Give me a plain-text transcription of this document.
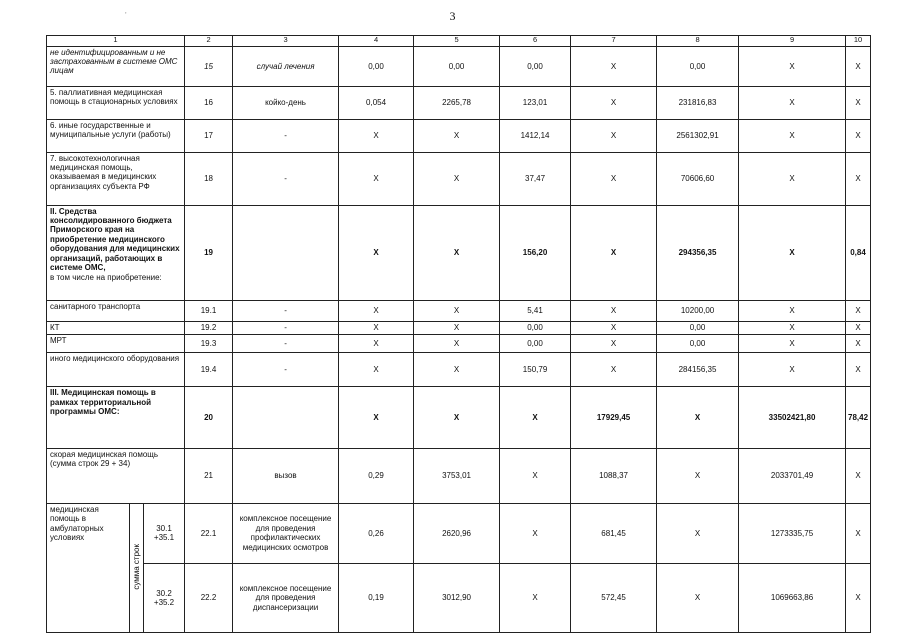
3
,
1			2	3	4	5	6	7	8	9	10
не идентифицированным и не застрахованным в системе ОМС лицам			15	случай лечения	0,00	0,00	0,00	Х	0,00	Х	Х
5. паллиативная медицинская помощь в стационарных условиях			16	койко-день	0,054	2265,78	123,01	Х	231816,83	Х	Х
6. иные государственные и муниципальные услуги (работы)			17	-	Х	Х	1412,14	Х	2561302,91	Х	Х
7. высокотехнологичная медицинская помощь, оказываемая в медицинских организациях субъекта РФ			18	-	Х	Х	37,47	Х	70606,60	Х	Х
II. Средства консолидированного бюджета Приморского края на приобретение медицинского оборудования для медицинских организаций, работающих в системе ОМС,
в том числе на приобретение:			19		Х	Х	156,20	Х	294356,35	Х	0,84
санитарного транспорта			19.1	-	Х	Х	5,41	Х	10200,00	Х	Х
КТ			19.2	-	Х	Х	0,00	Х	0,00	Х	Х
МРТ			19.3	-	Х	Х	0,00	Х	0,00	Х	Х
иного медицинского оборудования			19.4	-	Х	Х	150,79	Х	284156,35	Х	Х
III. Медицинская помощь в рамках территориальной программы ОМС:			20		Х	Х	Х	17929,45	Х	33502421,80	78,42
скорая медицинская помощь (сумма строк 29 + 34)			21	вызов	0,29	3753,01	Х	1088,37	Х	2033701,49	Х
медицинская помощь в амбулаторных условиях	сумма строк	30.1 +35.1	22.1	комплексное посещение для проведения профилактических медицинских осмотров	0,26	2620,96	Х	681,45	Х	1273335,75	Х
		30.2 +35.2	22.2	комплексное посещение для проведения диспансеризации	0,19	3012,90	Х	572,45	Х	1069663,86	Х
